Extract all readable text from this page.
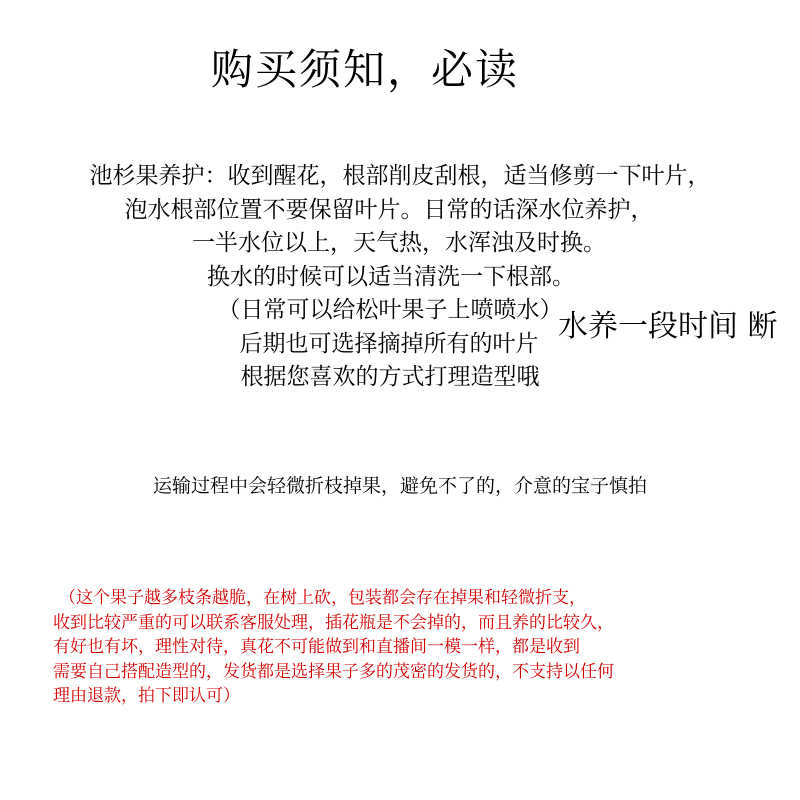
购买须知，必读
池杉果养护：收到醒花，根部削皮刮根，适当修剪一下叶片，
泡水根部位置不要保留叶片。日常的话深水位养护，
一半水位以上，天气热，水浑浊及时换。
换水的时候可以适当清洗一下根部。
（日常可以给松叶果子上喷喷水）
后期也可选择摘掉所有的叶片
根据您喜欢的方式打理造型哦
水养一段时间 断
运输过程中会轻微折枝掉果，避免不了的，介意的宝子慎拍
（这个果子越多枝条越脆，在树上砍，包装都会存在掉果和轻微折支，
收到比较严重的可以联系客服处理，插花瓶是不会掉的，而且养的比较久，
有好也有坏，理性对待，真花不可能做到和直播间一模一样，都是收到
需要自己搭配造型的，发货都是选择果子多的茂密的发货的，不支持以任何
理由退款，拍下即认可）
